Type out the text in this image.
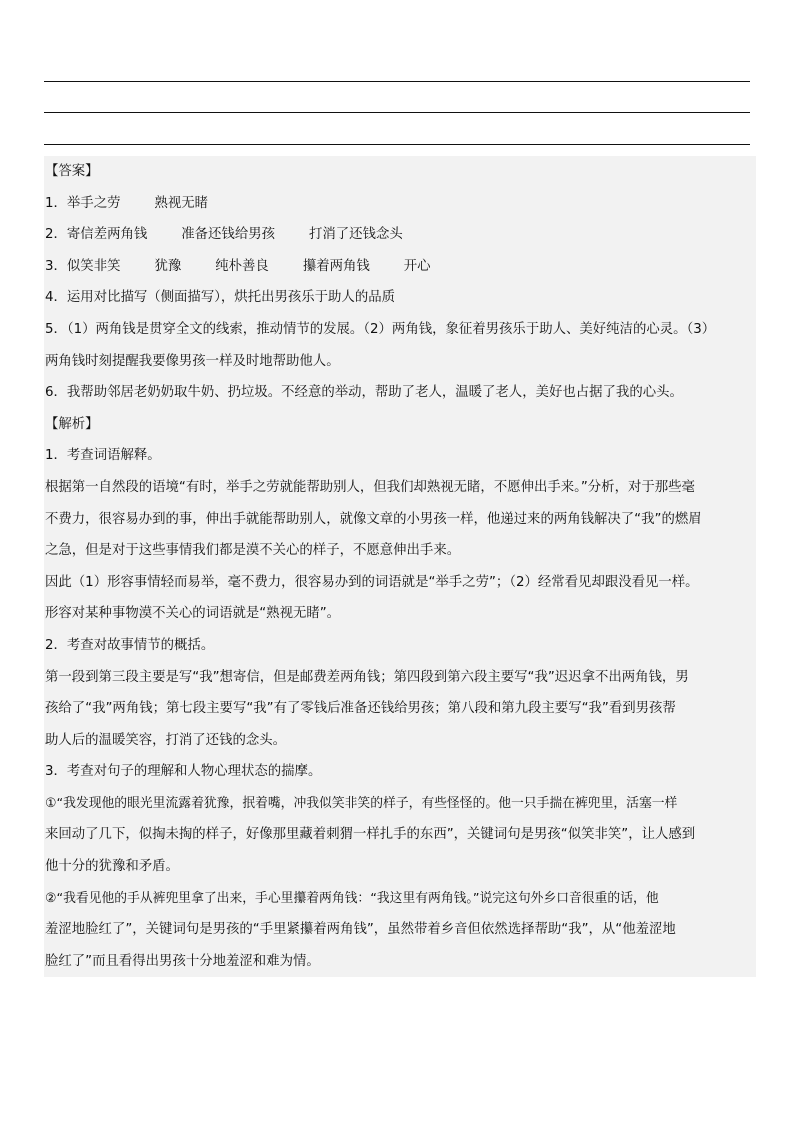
【答案】
1．举手之劳	熟视无睹
2．寄信差两角钱	准备还钱给男孩	打消了还钱念头
3．似笑非笑	犹豫	纯朴善良	攥着两角钱	开心
4．运用对比描写（侧面描写），烘托出男孩乐于助人的品质
5．（1）两角钱是贯穿全文的线索，推动情节的发展。（2）两角钱，象征着男孩乐于助人、美好纯洁的心灵。（3）
两角钱时刻提醒我要像男孩一样及时地帮助他人。
6．我帮助邻居老奶奶取牛奶、扔垃圾。不经意的举动，帮助了老人，温暖了老人，美好也占据了我的心头。
【解析】
1．考查词语解释。
根据第一自然段的语境“有时，举手之劳就能帮助别人，但我们却熟视无睹，不愿伸出手来。”分析，对于那些毫
不费力，很容易办到的事，伸出手就能帮助别人，就像文章的小男孩一样，他递过来的两角钱解决了“我”的燃眉
之急，但是对于这些事情我们都是漠不关心的样子，不愿意伸出手来。
因此（1）形容事情轻而易举，毫不费力，很容易办到的词语就是“举手之劳”；（2）经常看见却跟没看见一样。
形容对某种事物漠不关心的词语就是“熟视无睹”。
2．考查对故事情节的概括。
第一段到第三段主要是写“我”想寄信，但是邮费差两角钱；第四段到第六段主要写“我”迟迟拿不出两角钱，男
孩给了“我”两角钱；第七段主要写“我”有了零钱后准备还钱给男孩；第八段和第九段主要写“我”看到男孩帮
助人后的温暖笑容，打消了还钱的念头。
3．考查对句子的理解和人物心理状态的揣摩。
①“我发现他的眼光里流露着犹豫，抿着嘴，冲我似笑非笑的样子，有些怪怪的。他一只手揣在裤兜里，活塞一样
来回动了几下，似掏未掏的样子，好像那里藏着刺猬一样扎手的东西”，关键词句是男孩“似笑非笑”，让人感到
他十分的犹豫和矛盾。
②“我看见他的手从裤兜里拿了出来，手心里攥着两角钱：“我这里有两角钱。”说完这句外乡口音很重的话，他
羞涩地脸红了”，关键词句是男孩的“手里紧攥着两角钱”，虽然带着乡音但依然选择帮助“我”，从“他羞涩地
脸红了”而且看得出男孩十分地羞涩和难为情。
